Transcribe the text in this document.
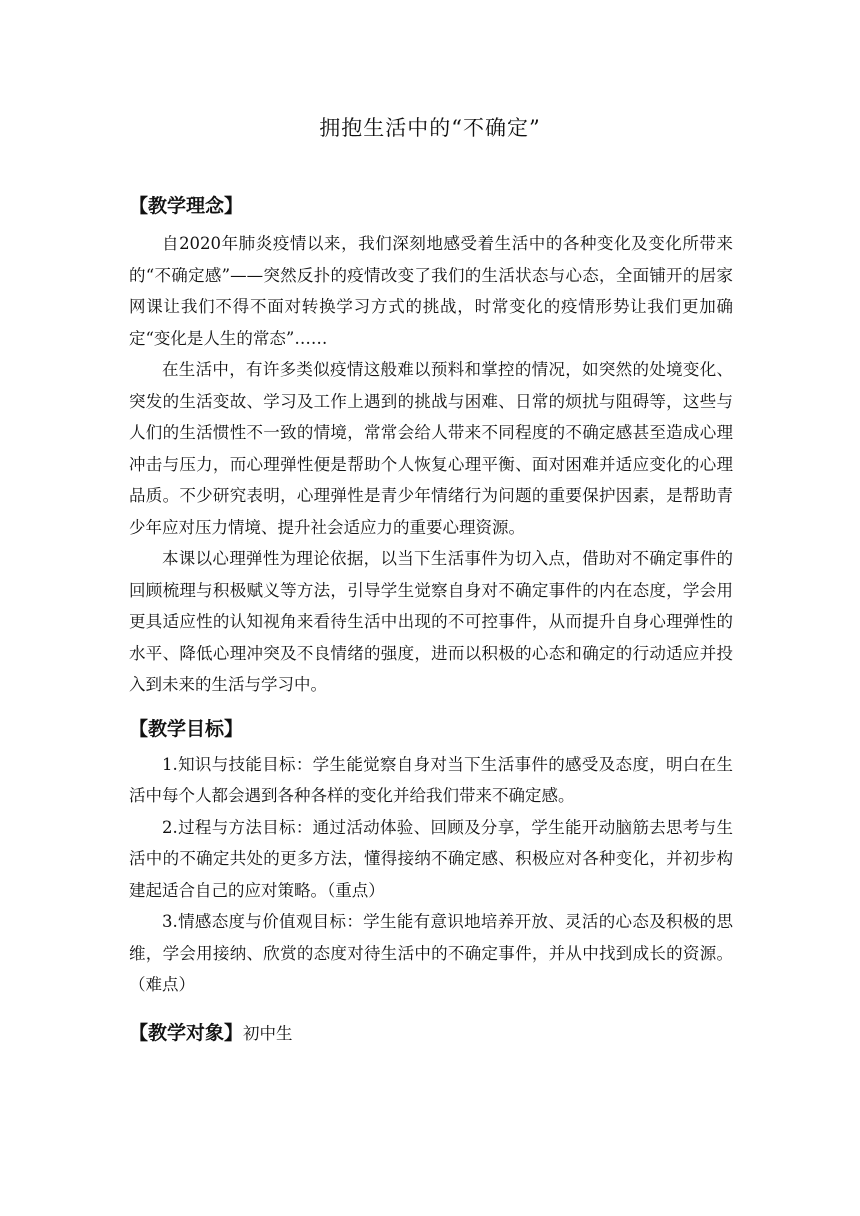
拥抱生活中的“不确定”
【教学理念】

自2020年肺炎疫情以来，我们深刻地感受着生活中的各种变化及变化所带来的“不确定感”——突然反扑的疫情改变了我们的生活状态与心态，全面铺开的居家网课让我们不得不面对转换学习方式的挑战，时常变化的疫情形势让我们更加确定“变化是人生的常态”……

在生活中，有许多类似疫情这般难以预料和掌控的情况，如突然的处境变化、突发的生活变故、学习及工作上遇到的挑战与困难、日常的烦扰与阻碍等，这些与人们的生活惯性不一致的情境，常常会给人带来不同程度的不确定感甚至造成心理冲击与压力，而心理弹性便是帮助个人恢复心理平衡、面对困难并适应变化的心理品质。不少研究表明，心理弹性是青少年情绪行为问题的重要保护因素，是帮助青少年应对压力情境、提升社会适应力的重要心理资源。

本课以心理弹性为理论依据，以当下生活事件为切入点，借助对不确定事件的回顾梳理与积极赋义等方法，引导学生觉察自身对不确定事件的内在态度，学会用更具适应性的认知视角来看待生活中出现的不可控事件，从而提升自身心理弹性的水平、降低心理冲突及不良情绪的强度，进而以积极的心态和确定的行动适应并投入到未来的生活与学习中。

【教学目标】

1.知识与技能目标：学生能觉察自身对当下生活事件的感受及态度，明白在生活中每个人都会遇到各种各样的变化并给我们带来不确定感。

2.过程与方法目标：通过活动体验、回顾及分享，学生能开动脑筋去思考与生活中的不确定共处的更多方法，懂得接纳不确定感、积极应对各种变化，并初步构建起适合自己的应对策略。（重点）

3.情感态度与价值观目标：学生能有意识地培养开放、灵活的心态及积极的思维，学会用接纳、欣赏的态度对待生活中的不确定事件，并从中找到成长的资源。（难点）

【教学对象】初中生
